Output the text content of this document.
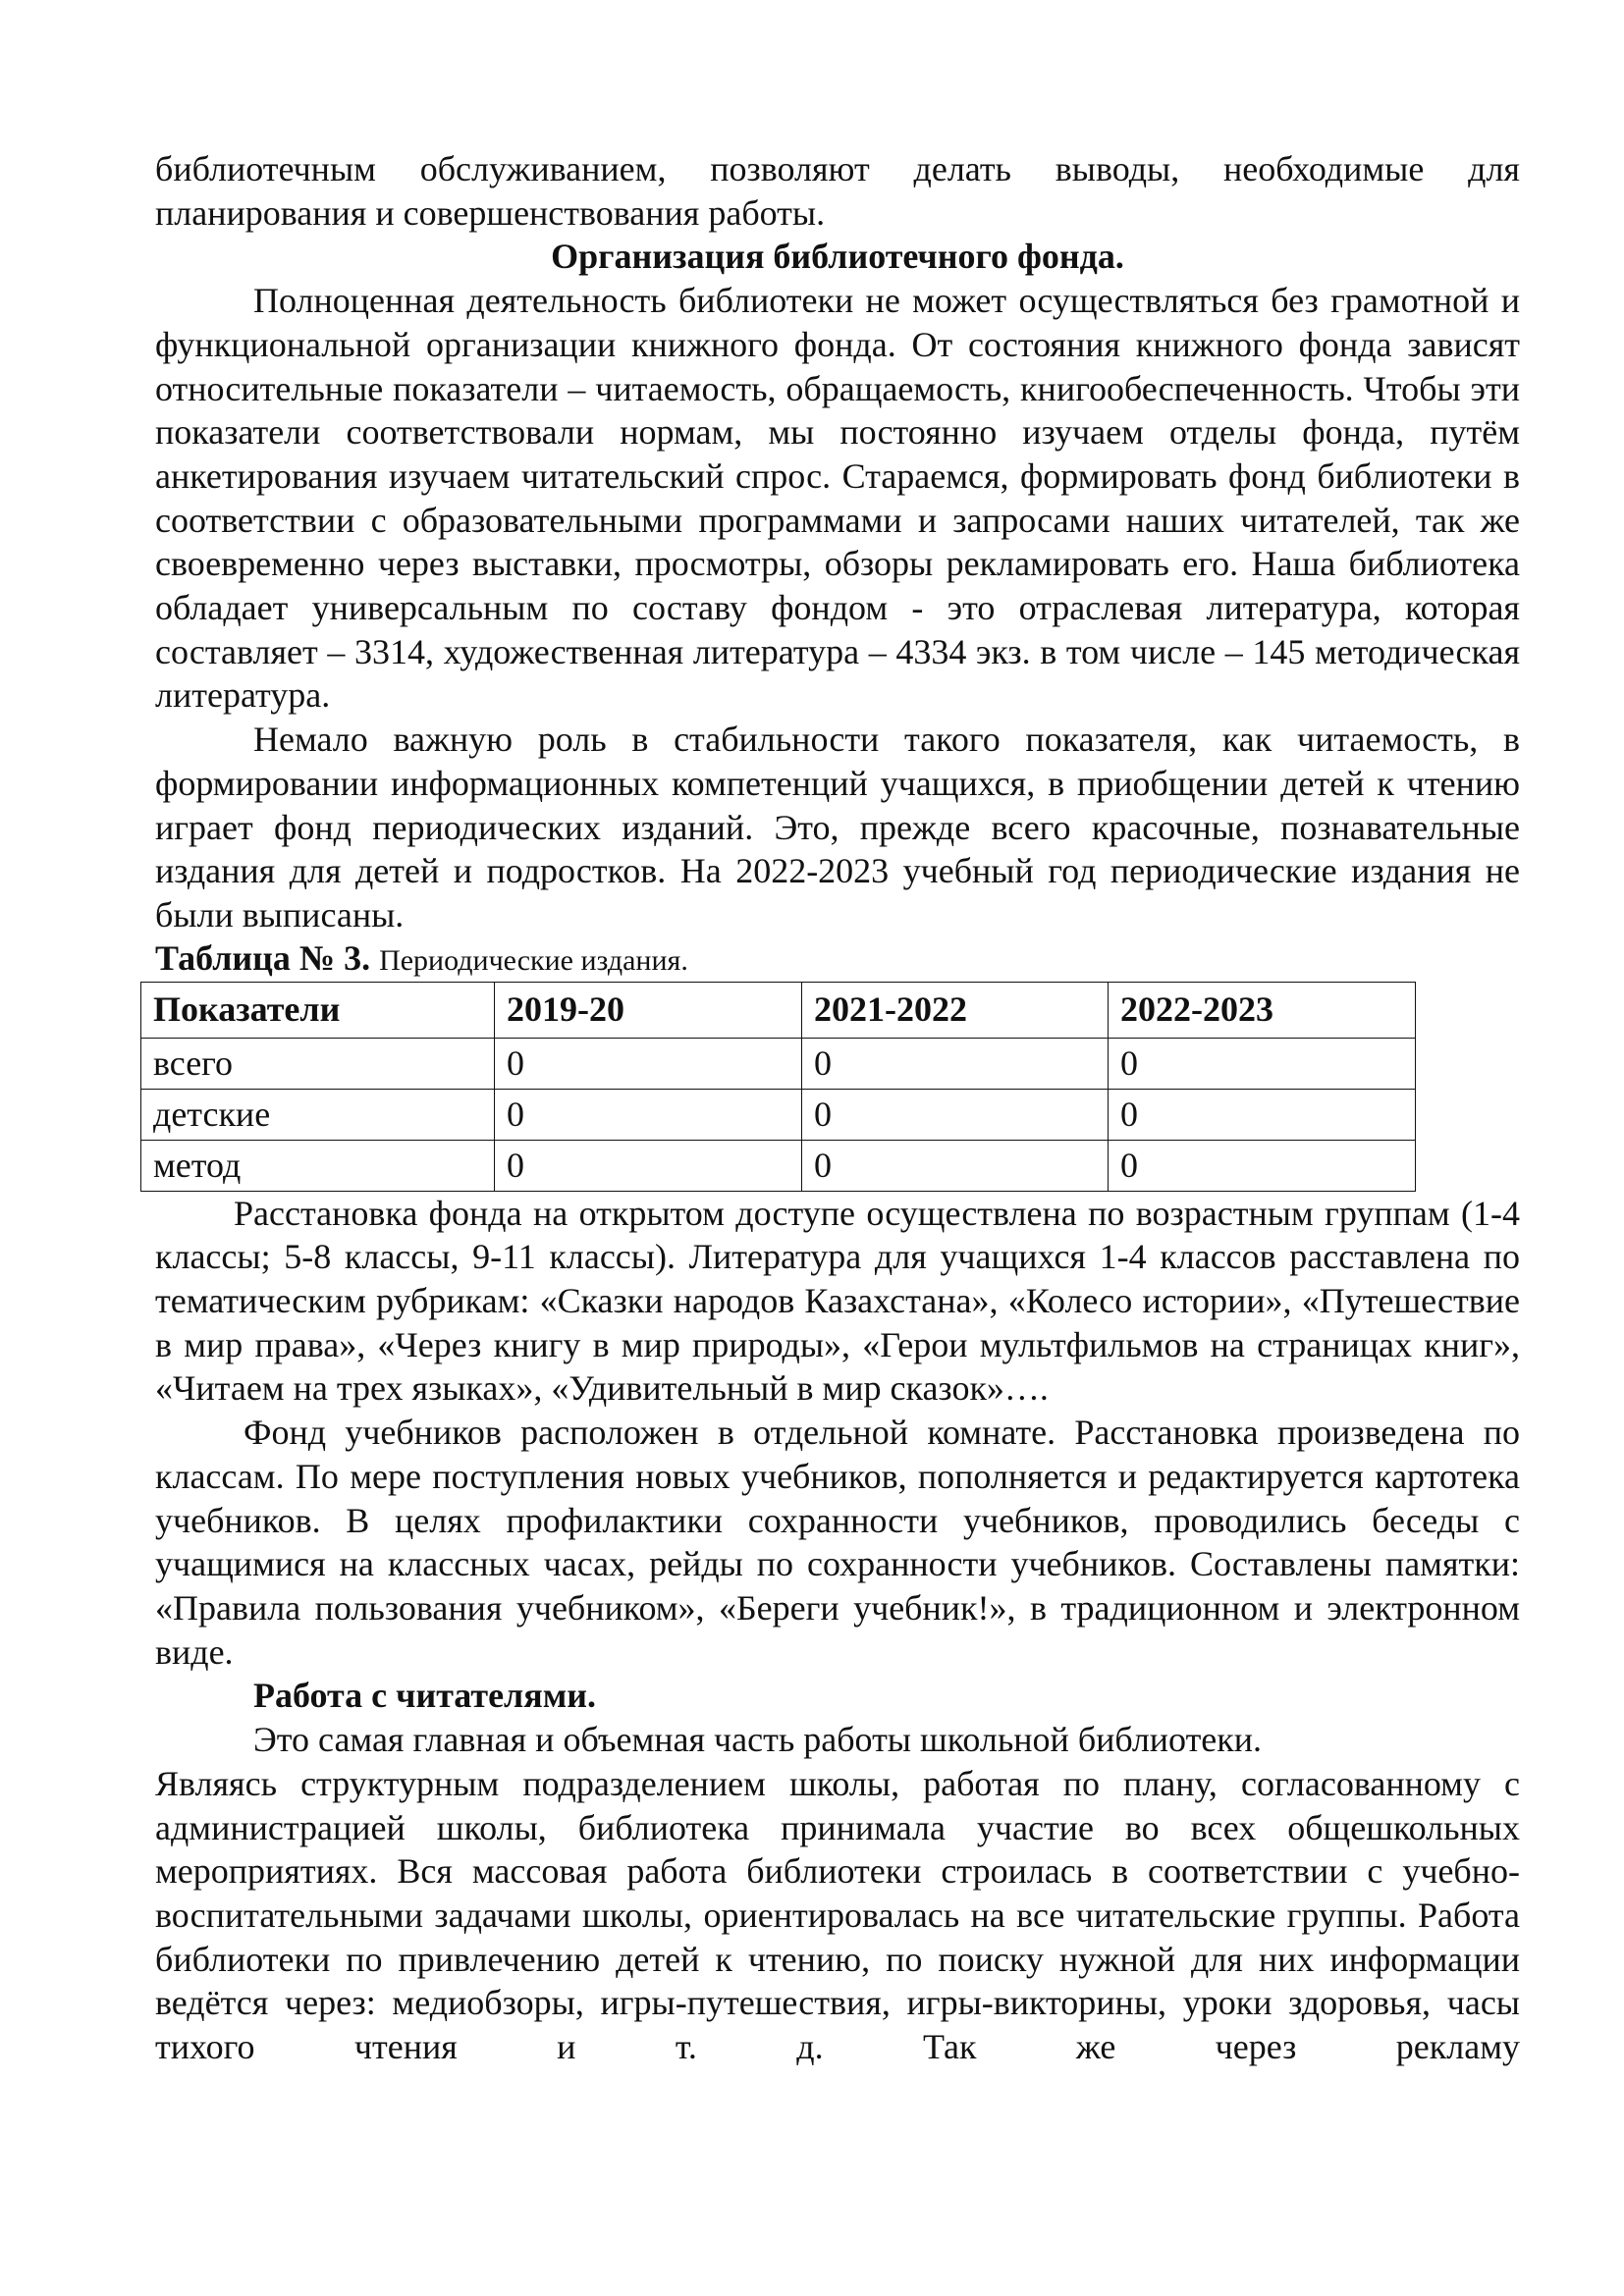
библиотечным обслуживанием, позволяют делать выводы, необходимые для планирования и совершенствования работы.

Организация библиотечного фонда.

Полноценная деятельность библиотеки не может осуществляться без грамотной и функциональной организации книжного фонда. От состояния книжного фонда зависят относительные показатели – читаемость, обращаемость, книгообеспеченность. Чтобы эти показатели соответствовали нормам, мы постоянно изучаем отделы фонда, путём анкетирования изучаем читательский спрос. Стараемся, формировать фонд библиотеки в соответствии с образовательными программами и запросами наших читателей, так же своевременно через выставки, просмотры, обзоры рекламировать его. Наша библиотека обладает универсальным по составу фондом - это отраслевая литература, которая составляет – 3314, художественная литература – 4334 экз. в том числе – 145 методическая литература.

Немало важную роль в стабильности такого показателя, как читаемость, в формировании информационных компетенций учащихся, в приобщении детей к чтению играет фонд периодических изданий. Это, прежде всего красочные, познавательные издания для детей и подростков. На 2022-2023 учебный год периодические издания не были выписаны.

Таблица № 3. Периодические издания.

Показатели	2019-20	2021-2022	2022-2023
всего	0	0	0
детские	0	0	0
метод	0	0	0

Расстановка фонда на открытом доступе осуществлена по возрастным группам (1-4 классы; 5-8 классы, 9-11 классы). Литература для учащихся 1-4 классов расставлена по тематическим рубрикам: «Сказки народов Казахстана», «Колесо истории», «Путешествие в мир права», «Через книгу в мир природы», «Герои мультфильмов на страницах книг», «Читаем на трех языках», «Удивительный в мир сказок»….

Фонд учебников расположен в отдельной комнате. Расстановка произведена по классам. По мере поступления новых учебников, пополняется и редактируется картотека учебников. В целях профилактики сохранности учебников, проводились беседы с учащимися на классных часах, рейды по сохранности учебников. Составлены памятки: «Правила пользования учебником», «Береги учебник!», в традиционном и электронном виде.

Работа с читателями.

Это самая главная и объемная часть работы школьной библиотеки.

Являясь структурным подразделением школы, работая по плану, согласованному с администрацией школы, библиотека принимала участие во всех общешкольных мероприятиях. Вся массовая работа библиотеки строилась в соответствии с учебно-воспитательными задачами школы, ориентировалась на все читательские группы. Работа библиотеки по привлечению детей к чтению, по поиску нужной для них информации ведётся через: медиобзоры, игры-путешествия, игры-викторины, уроки здоровья, часы тихого чтения и т. д. Так же через рекламу
